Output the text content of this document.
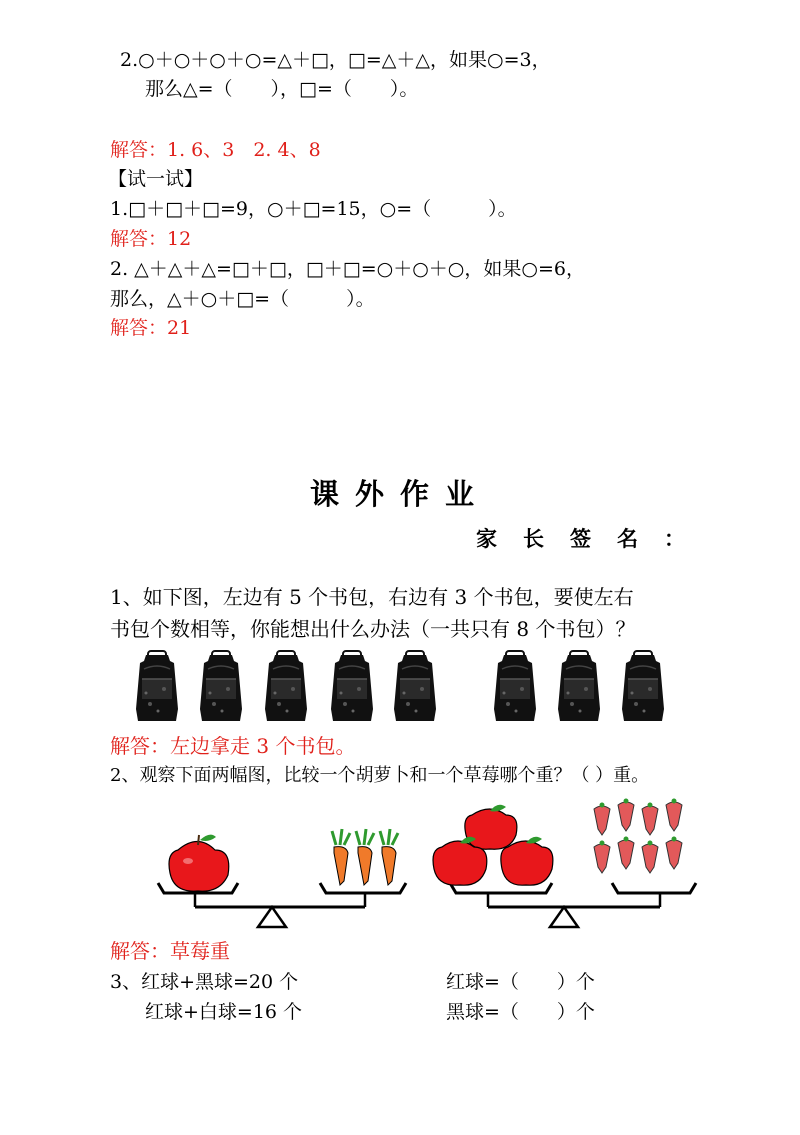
2.○＋○＋○＋○=△＋□，□=△＋△，如果○=3，
那么△=（　　），□=（　　）。
解答：1. 6、3　2. 4、8
【试一试】
1.□＋□＋□=9，○＋□=15，○=（　　　）。
解答：12
2. △＋△＋△=□＋□，□＋□=○＋○＋○，如果○=6，
那么，△＋○＋□=（　　　）。
解答：21
课外作业
家长签名：
1、如下图，左边有 5 个书包，右边有 3 个书包，要使左右
书包个数相等，你能想出什么办法（一共只有 8 个书包）？
解答：左边拿走 3 个书包。
2、观察下面两幅图，比较一个胡萝卜和一个草莓哪个重？（ ）重。
解答：草莓重
3、红球+黑球=20 个
红球+白球=16 个
红球=（　　）个
黑球=（　　）个
